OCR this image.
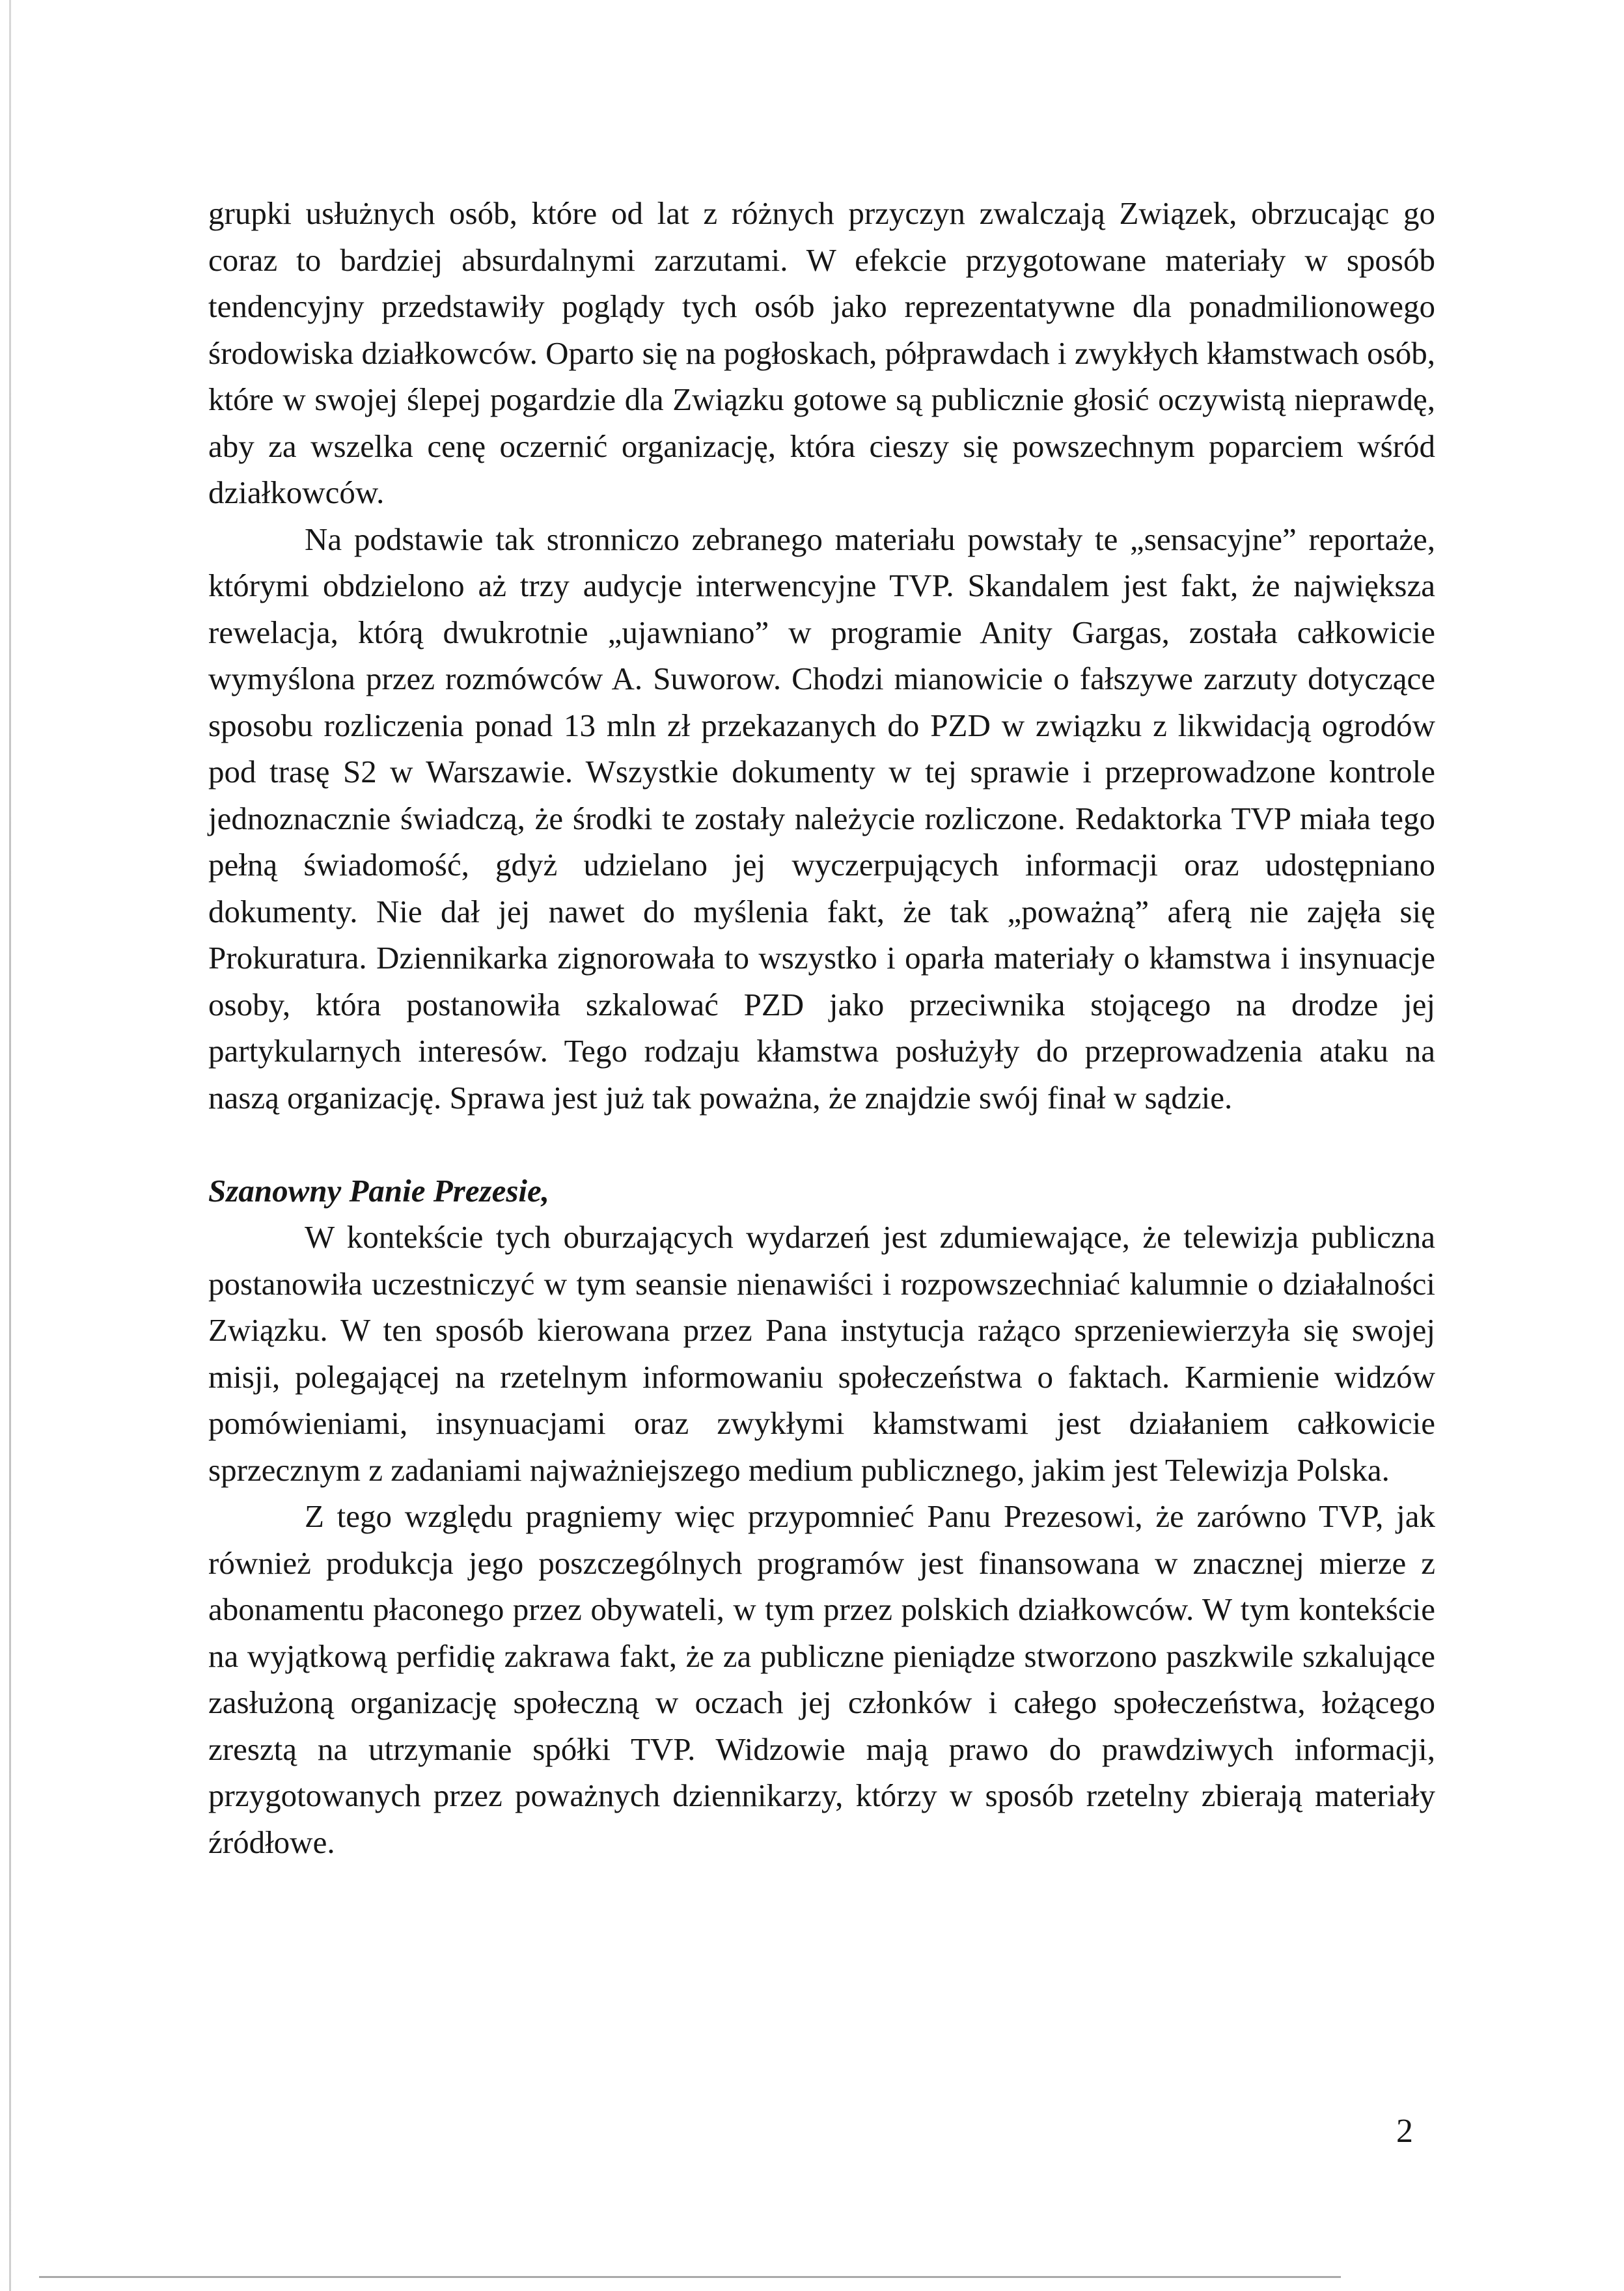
grupki usłużnych osób, które od lat z różnych przyczyn zwalczają Związek, obrzucając go coraz to bardziej absurdalnymi zarzutami. W efekcie przygotowane materiały w sposób tendencyjny przedstawiły poglądy tych osób jako reprezentatywne dla ponadmilionowego środowiska działkowców. Oparto się na pogłoskach, półprawdach i zwykłych kłamstwach osób, które w swojej ślepej pogardzie dla Związku gotowe są publicznie głosić oczywistą nieprawdę, aby za wszelka cenę oczernić organizację, która cieszy się powszechnym poparciem wśród działkowców.

Na podstawie tak stronniczo zebranego materiału powstały te „sensacyjne” reportaże, którymi obdzielono aż trzy audycje interwencyjne TVP. Skandalem jest fakt, że największa rewelacja, którą dwukrotnie „ujawniano” w programie Anity Gargas, została całkowicie wymyślona przez rozmówców A. Suworow. Chodzi mianowicie o fałszywe zarzuty dotyczące sposobu rozliczenia ponad 13 mln zł przekazanych do PZD w związku z likwidacją ogrodów pod trasę S2 w Warszawie. Wszystkie dokumenty w tej sprawie i przeprowadzone kontrole jednoznacznie świadczą, że środki te zostały należycie rozliczone. Redaktorka TVP miała tego pełną świadomość, gdyż udzielano jej wyczerpujących informacji oraz udostępniano dokumenty. Nie dał jej nawet do myślenia fakt, że tak „poważną” aferą nie zajęła się Prokuratura. Dziennikarka zignorowała to wszystko i oparła materiały o kłamstwa i insynuacje osoby, która postanowiła szkalować PZD jako przeciwnika stojącego na drodze jej partykularnych interesów. Tego rodzaju kłamstwa posłużyły do przeprowadzenia ataku na naszą organizację. Sprawa jest już tak poważna, że znajdzie swój finał w sądzie.

Szanowny Panie Prezesie,

W kontekście tych oburzających wydarzeń jest zdumiewające, że telewizja publiczna postanowiła uczestniczyć w tym seansie nienawiści i rozpowszechniać kalumnie o działalności Związku. W ten sposób kierowana przez Pana instytucja rażąco sprzeniewierzyła się swojej misji, polegającej na rzetelnym informowaniu społeczeństwa o faktach. Karmienie widzów pomówieniami, insynuacjami oraz zwykłymi kłamstwami jest działaniem całkowicie sprzecznym z zadaniami najważniejszego medium publicznego, jakim jest Telewizja Polska.

Z tego względu pragniemy więc przypomnieć Panu Prezesowi, że zarówno TVP, jak również produkcja jego poszczególnych programów jest finansowana w znacznej mierze z abonamentu płaconego przez obywateli, w tym przez polskich działkowców. W tym kontekście na wyjątkową perfidię zakrawa fakt, że za publiczne pieniądze stworzono paszkwile szkalujące zasłużoną organizację społeczną w oczach jej członków i całego społeczeństwa, łożącego zresztą na utrzymanie spółki TVP. Widzowie mają prawo do prawdziwych informacji, przygotowanych przez poważnych dziennikarzy, którzy w sposób rzetelny zbierają materiały źródłowe.

2
